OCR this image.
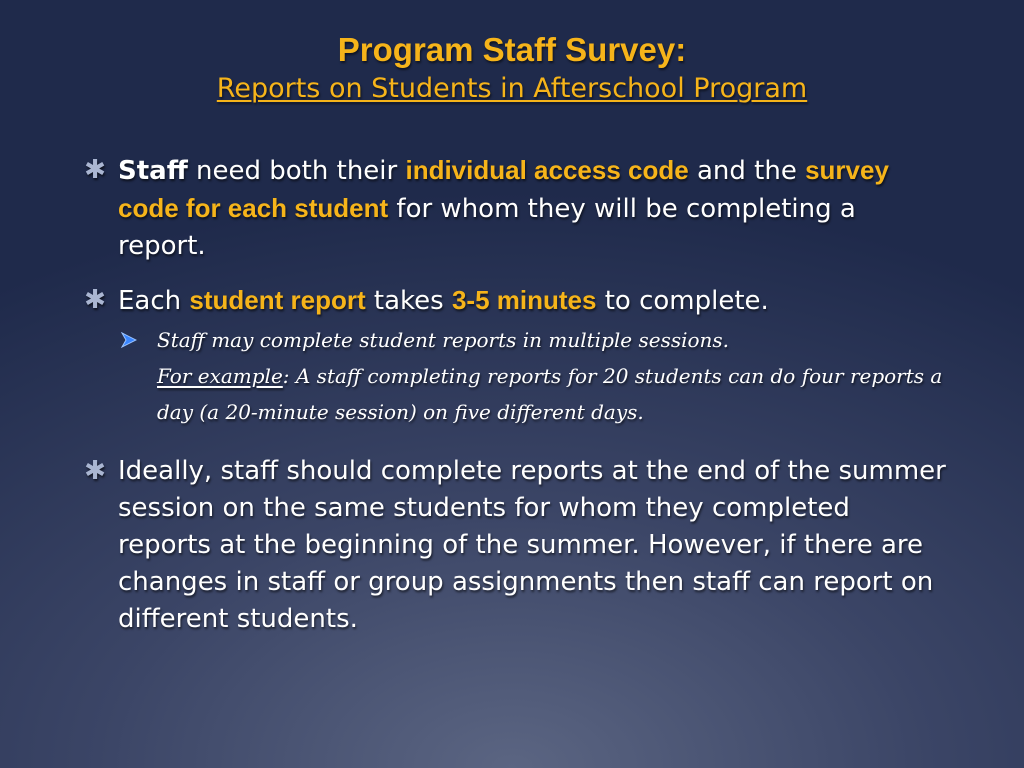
Program Staff Survey:
Reports on Students in Afterschool Program
✱ Staff need both their individual access code and the survey code for each student for whom they will be completing a report.
✱ Each student report takes 3-5 minutes to complete.
Staff may complete student reports in multiple sessions.
For example: A staff completing reports for 20 students can do four reports a day (a 20-minute session) on five different days.
✱ Ideally, staff should complete reports at the end of the summer session on the same students for whom they completed reports at the beginning of the summer. However, if there are changes in staff or group assignments then staff can report on different students.
